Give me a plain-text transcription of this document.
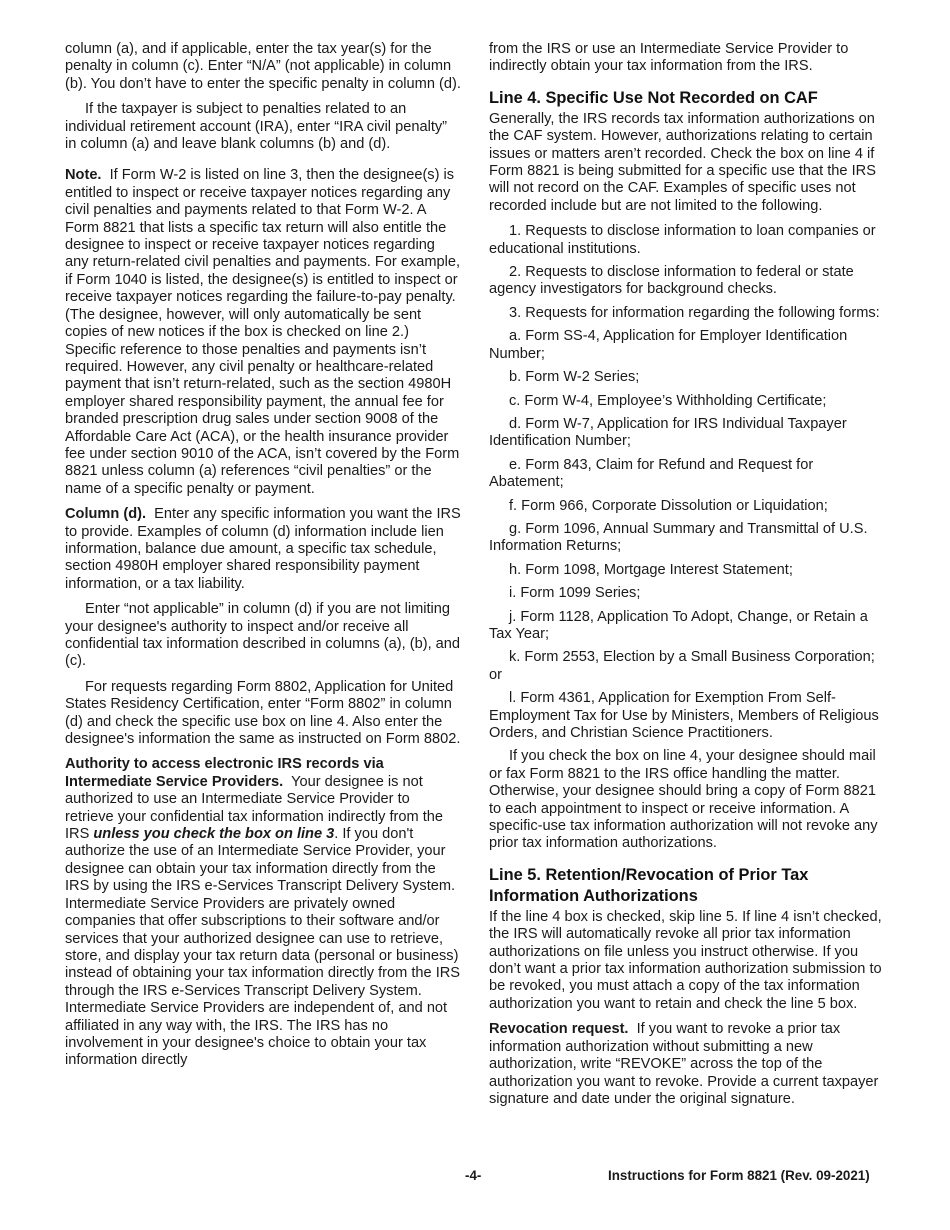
column (a), and if applicable, enter the tax year(s) for the penalty in column (c). Enter “N/A” (not applicable) in column (b). You don’t have to enter the specific penalty in column (d).

If the taxpayer is subject to penalties related to an individual retirement account (IRA), enter “IRA civil penalty” in column (a) and leave blank columns (b) and (d).

Note. If Form W-2 is listed on line 3, then the designee(s) is entitled to inspect or receive taxpayer notices regarding any civil penalties and payments related to that Form W-2. A Form 8821 that lists a specific tax return will also entitle the designee to inspect or receive taxpayer notices regarding any return-related civil penalties and payments. For example, if Form 1040 is listed, the designee(s) is entitled to inspect or receive taxpayer notices regarding the failure-to-pay penalty. (The designee, however, will only automatically be sent copies of new notices if the box is checked on line 2.) Specific reference to those penalties and payments isn’t required. However, any civil penalty or healthcare-related payment that isn’t return-related, such as the section 4980H employer shared responsibility payment, the annual fee for branded prescription drug sales under section 9008 of the Affordable Care Act (ACA), or the health insurance provider fee under section 9010 of the ACA, isn’t covered by the Form 8821 unless column (a) references “civil penalties” or the name of a specific penalty or payment.

Column (d). Enter any specific information you want the IRS to provide. Examples of column (d) information include lien information, balance due amount, a specific tax schedule, section 4980H employer shared responsibility payment information, or a tax liability.

Enter “not applicable” in column (d) if you are not limiting your designee's authority to inspect and/or receive all confidential tax information described in columns (a), (b), and (c).

For requests regarding Form 8802, Application for United States Residency Certification, enter “Form 8802” in column (d) and check the specific use box on line 4. Also enter the designee's information the same as instructed on Form 8802.

Authority to access electronic IRS records via Intermediate Service Providers. Your designee is not authorized to use an Intermediate Service Provider to retrieve your confidential tax information indirectly from the IRS unless you check the box on line 3. If you don't authorize the use of an Intermediate Service Provider, your designee can obtain your tax information directly from the IRS by using the IRS e-Services Transcript Delivery System. Intermediate Service Providers are privately owned companies that offer subscriptions to their software and/or services that your authorized designee can use to retrieve, store, and display your tax return data (personal or business) instead of obtaining your tax information directly from the IRS through the IRS e-Services Transcript Delivery System. Intermediate Service Providers are independent of, and not affiliated in any way with, the IRS. The IRS has no involvement in your designee's choice to obtain your tax information directly

from the IRS or use an Intermediate Service Provider to indirectly obtain your tax information from the IRS.

Line 4. Specific Use Not Recorded on CAF

Generally, the IRS records tax information authorizations on the CAF system. However, authorizations relating to certain issues or matters aren’t recorded. Check the box on line 4 if Form 8821 is being submitted for a specific use that the IRS will not record on the CAF. Examples of specific uses not recorded include but are not limited to the following.

1. Requests to disclose information to loan companies or educational institutions.

2. Requests to disclose information to federal or state agency investigators for background checks.

3. Requests for information regarding the following forms:

a. Form SS-4, Application for Employer Identification Number;

b. Form W-2 Series;

c. Form W-4, Employee’s Withholding Certificate;

d. Form W-7, Application for IRS Individual Taxpayer Identification Number;

e. Form 843, Claim for Refund and Request for Abatement;

f. Form 966, Corporate Dissolution or Liquidation;

g. Form 1096, Annual Summary and Transmittal of U.S. Information Returns;

h. Form 1098, Mortgage Interest Statement;

i. Form 1099 Series;

j. Form 1128, Application To Adopt, Change, or Retain a Tax Year;

k. Form 2553, Election by a Small Business Corporation; or

l. Form 4361, Application for Exemption From Self-Employment Tax for Use by Ministers, Members of Religious Orders, and Christian Science Practitioners.

If you check the box on line 4, your designee should mail or fax Form 8821 to the IRS office handling the matter. Otherwise, your designee should bring a copy of Form 8821 to each appointment to inspect or receive information. A specific-use tax information authorization will not revoke any prior tax information authorizations.

Line 5. Retention/Revocation of Prior Tax Information Authorizations

If the line 4 box is checked, skip line 5. If line 4 isn’t checked, the IRS will automatically revoke all prior tax information authorizations on file unless you instruct otherwise. If you don’t want a prior tax information authorization submission to be revoked, you must attach a copy of the tax information authorization you want to retain and check the line 5 box.

Revocation request. If you want to revoke a prior tax information authorization without submitting a new authorization, write “REVOKE” across the top of the authorization you want to revoke. Provide a current taxpayer signature and date under the original signature.

-4-	Instructions for Form 8821 (Rev. 09-2021)
